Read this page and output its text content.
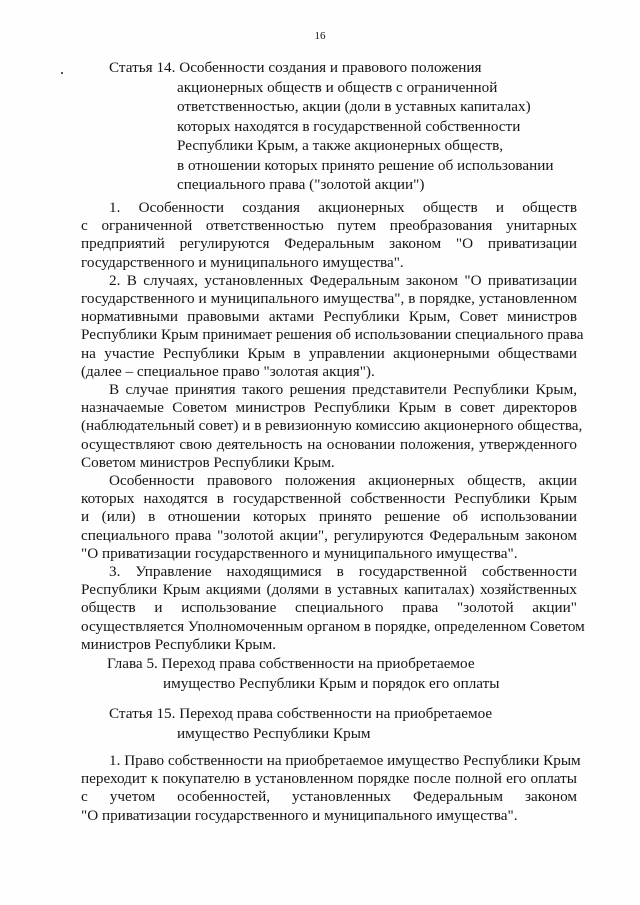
16
Статья 14. Особенности создания и правового положения
акционерных обществ и обществ с ограниченной
ответственностью, акции (доли в уставных капиталах)
которых находятся в государственной собственности
Республики Крым, а также акционерных обществ,
в отношении которых принято решение об использовании
специального права ("золотой акции")
1. Особенности создания акционерных обществ и обществ
с ограниченной ответственностью путем преобразования унитарных
предприятий регулируются Федеральным законом "О приватизации
государственного и муниципального имущества".
2. В случаях, установленных Федеральным законом "О приватизации
государственного и муниципального имущества", в порядке, установленном
нормативными правовыми актами Республики Крым, Совет министров
Республики Крым принимает решения об использовании специального права
на участие Республики Крым в управлении акционерными обществами
(далее – специальное право "золотая акция").
В случае принятия такого решения представители Республики Крым,
назначаемые Советом министров Республики Крым в совет директоров
(наблюдательный совет) и в ревизионную комиссию акционерного общества,
осуществляют свою деятельность на основании положения, утвержденного
Советом министров Республики Крым.
Особенности правового положения акционерных обществ, акции
которых находятся в государственной собственности Республики Крым
и (или) в отношении которых принято решение об использовании
специального права "золотой акции", регулируются Федеральным законом
"О приватизации государственного и муниципального имущества".
3. Управление находящимися в государственной собственности
Республики Крым акциями (долями в уставных капиталах) хозяйственных
обществ и использование специального права "золотой акции"
осуществляется Уполномоченным органом в порядке, определенном Советом
министров Республики Крым.
Глава 5. Переход права собственности на приобретаемое
имущество Республики Крым и порядок его оплаты
Статья 15. Переход права собственности на приобретаемое
имущество Республики Крым
1. Право собственности на приобретаемое имущество Республики Крым
переходит к покупателю в установленном порядке после полной его оплаты
с учетом особенностей, установленных Федеральным законом
"О приватизации государственного и муниципального имущества".
